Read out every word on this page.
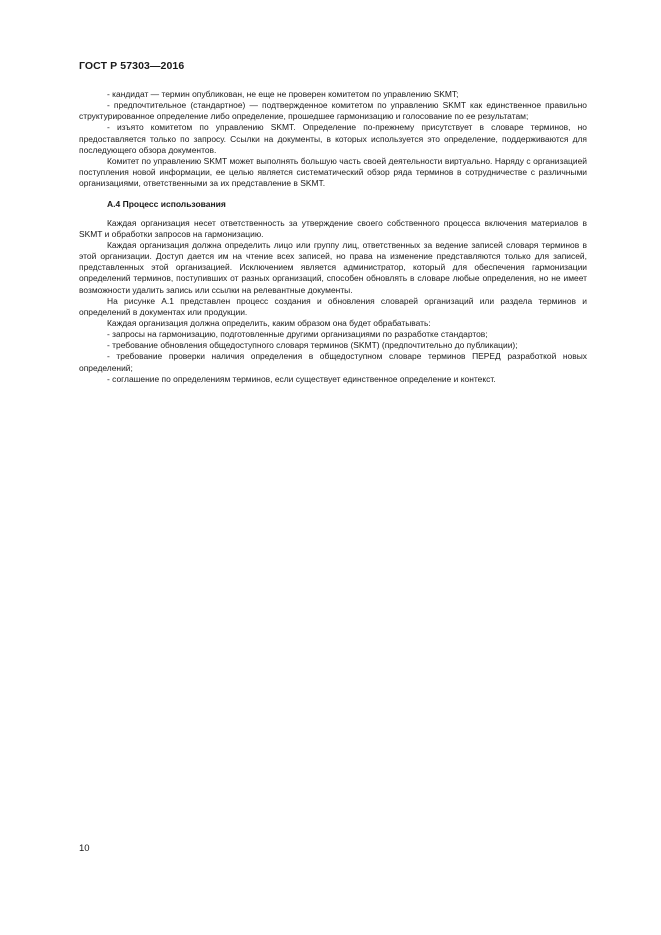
ГОСТ Р 57303—2016

- кандидат — термин опубликован, не еще не проверен комитетом по управлению SKMT;

- предпочтительное (стандартное) — подтвержденное комитетом по управлению SKMT как единственное правильно структурированное определение либо определение, прошедшее гармонизацию и голосование по ее результатам;

- изъято комитетом по управлению SKMT. Определение по-прежнему присутствует в словаре терминов, но предоставляется только по запросу. Ссылки на документы, в которых используется это определение, поддерживаются для последующего обзора документов.

Комитет по управлению SKMT может выполнять большую часть своей деятельности виртуально. Наряду с организацией поступления новой информации, ее целью является систематический обзор ряда терминов в сотрудничестве с различными организациями, ответственными за их представление в SKMT.

А.4 Процесс использования

Каждая организация несет ответственность за утверждение своего собственного процесса включения материалов в SKMT и обработки запросов на гармонизацию.

Каждая организация должна определить лицо или группу лиц, ответственных за ведение записей словаря терминов в этой организации. Доступ дается им на чтение всех записей, но права на изменение представляются только для записей, представленных этой организацией. Исключением является администратор, который для обеспечения гармонизации определений терминов, поступивших от разных организаций, способен обновлять в словаре любые определения, но не имеет возможности удалить запись или ссылки на релевантные документы.

На рисунке А.1 представлен процесс создания и обновления словарей организаций или раздела терминов и определений в документах или продукции.

Каждая организация должна определить, каким образом она будет обрабатывать:

- запросы на гармонизацию, подготовленные другими организациями по разработке стандартов;

- требование обновления общедоступного словаря терминов (SKMT) (предпочтительно до публикации);

- требование проверки наличия определения в общедоступном словаре терминов ПЕРЕД разработкой новых определений;

- соглашение по определениям терминов, если существует единственное определение и контекст.

10
